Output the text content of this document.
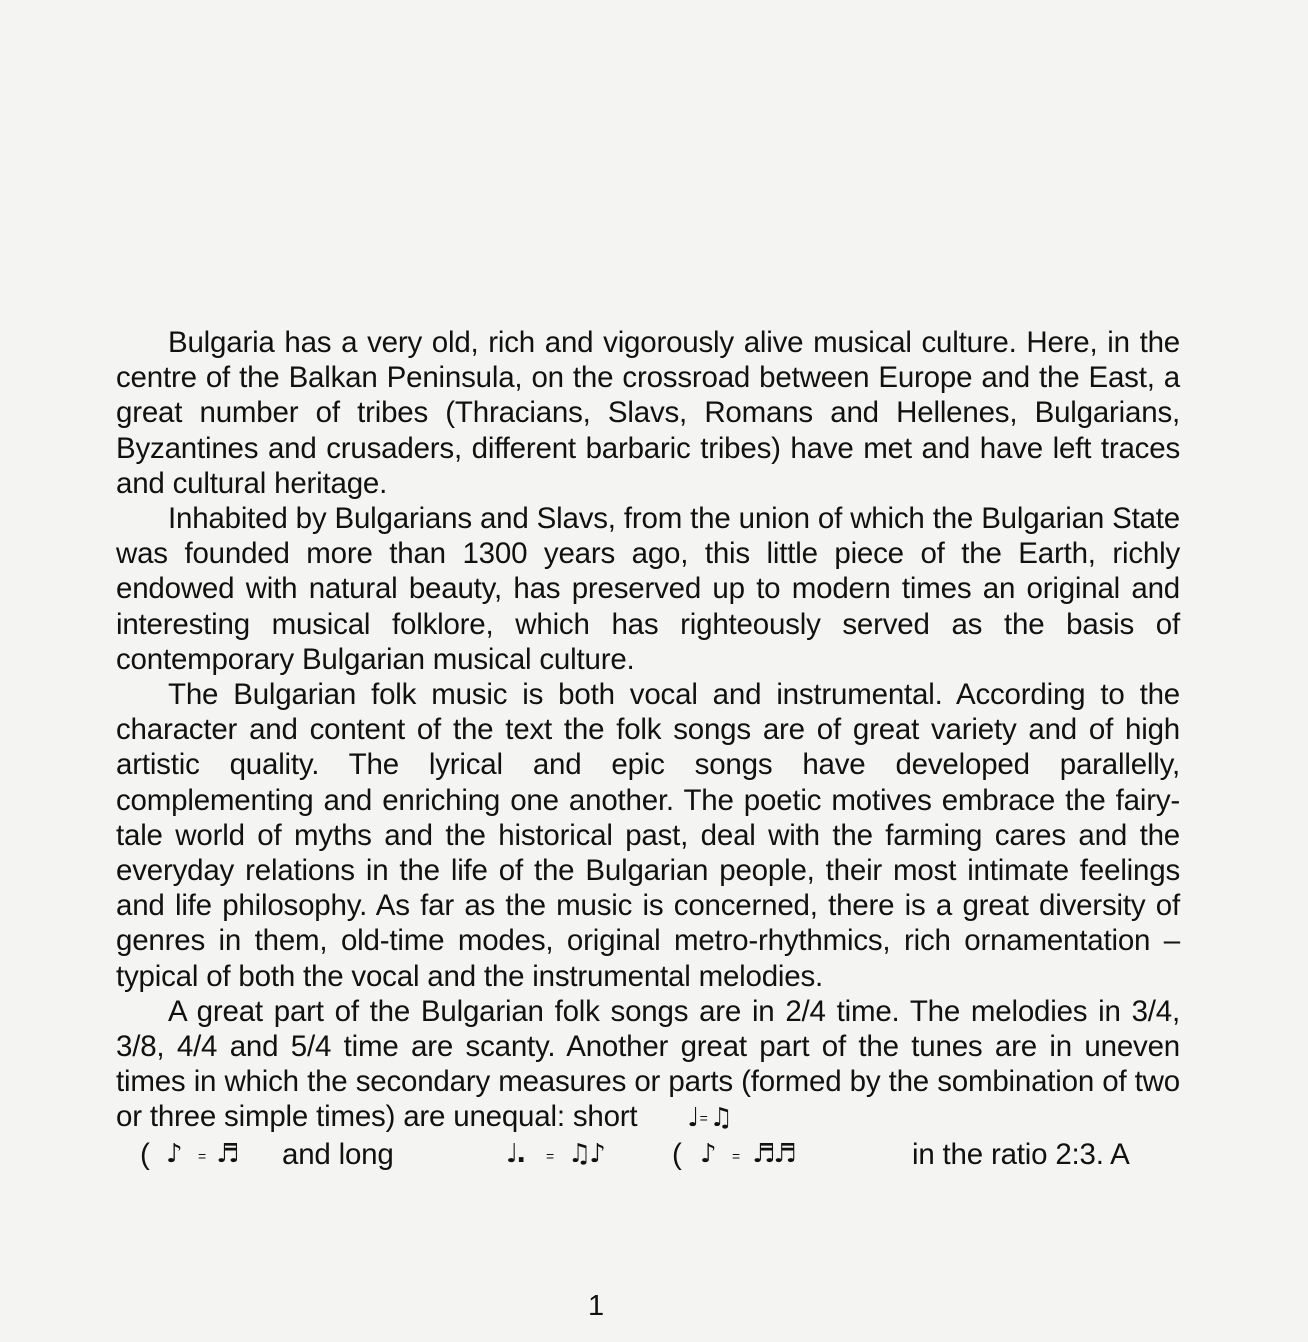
Bulgaria has a very old, rich and vigorously alive musical culture. Here, in the centre of the Balkan Peninsula, on the crossroad between Europe and the East, a great number of tribes (Thracians, Slavs, Romans and Hellenes, Bulgarians, Byzantines and crusaders, different barbaric tribes) have met and have left traces and cultural heritage.

Inhabited by Bulgarians and Slavs, from the union of which the Bulgarian State was founded more than 1300 years ago, this little piece of the Earth, richly endowed with natural beauty, has preserved up to modern times an original and interesting musical folklore, which has righteously served as the basis of contemporary Bulgarian musical culture.

The Bulgarian folk music is both vocal and instrumental. According to the character and content of the text the folk songs are of great variety and of high artistic quality. The lyrical and epic songs have developed parallelly, complementing and enriching one another. The poetic motives embrace the fairy-tale world of myths and the historical past, deal with the farming cares and the everyday relations in the life of the Bulgarian people, their most intimate feelings and life philosophy. As far as the music is concerned, there is a great diversity of genres in them, old-time modes, original metro-rhythmics, rich ornamentation – typical of both the vocal and the instrumental melodies.

A great part of the Bulgarian folk songs are in 2/4 time. The melodies in 3/4, 3/8, 4/4 and 5/4 time are scanty. Another great part of the tunes are in uneven times in which the secondary measures or parts (formed by the sombination of two or three simple times) are unequal: short ♩ =♫

( ♪ = ♬ and long	♩. = ♫♪ ( ♪ = ♬♬	in the ratio 2:3. A
1
